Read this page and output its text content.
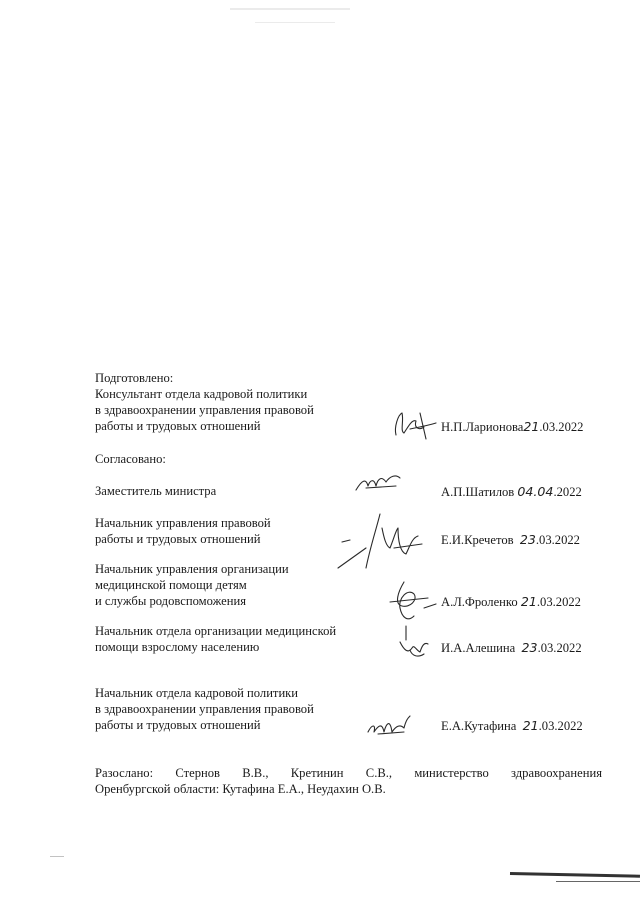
Подготовлено:
Консультант отдела кадровой политики
в здравоохранении управления правовой
работы и трудовых отношений	Н.П.Ларионова21.03.2022
Согласовано:
Заместитель министра	А.П.Шатилов 04.04.2022
Начальник управления правовой
работы и трудовых отношений	Е.И.Кречетов 23.03.2022
Начальник управления организации
медицинской помощи детям
и службы родовспоможения	А.Л.Фроленко 21.03.2022
Начальник отдела организации медицинской
помощи взрослому населению	И.А.Алешина 23.03.2022
Начальник отдела кадровой политики
в здравоохранении управления правовой
работы и трудовых отношений	Е.А.Кутафина 21.03.2022
Разослано: Стернов В.В., Кретинин С.В., министерство здравоохранения
Оренбургской области: Кутафина Е.А., Неудахин О.В.
